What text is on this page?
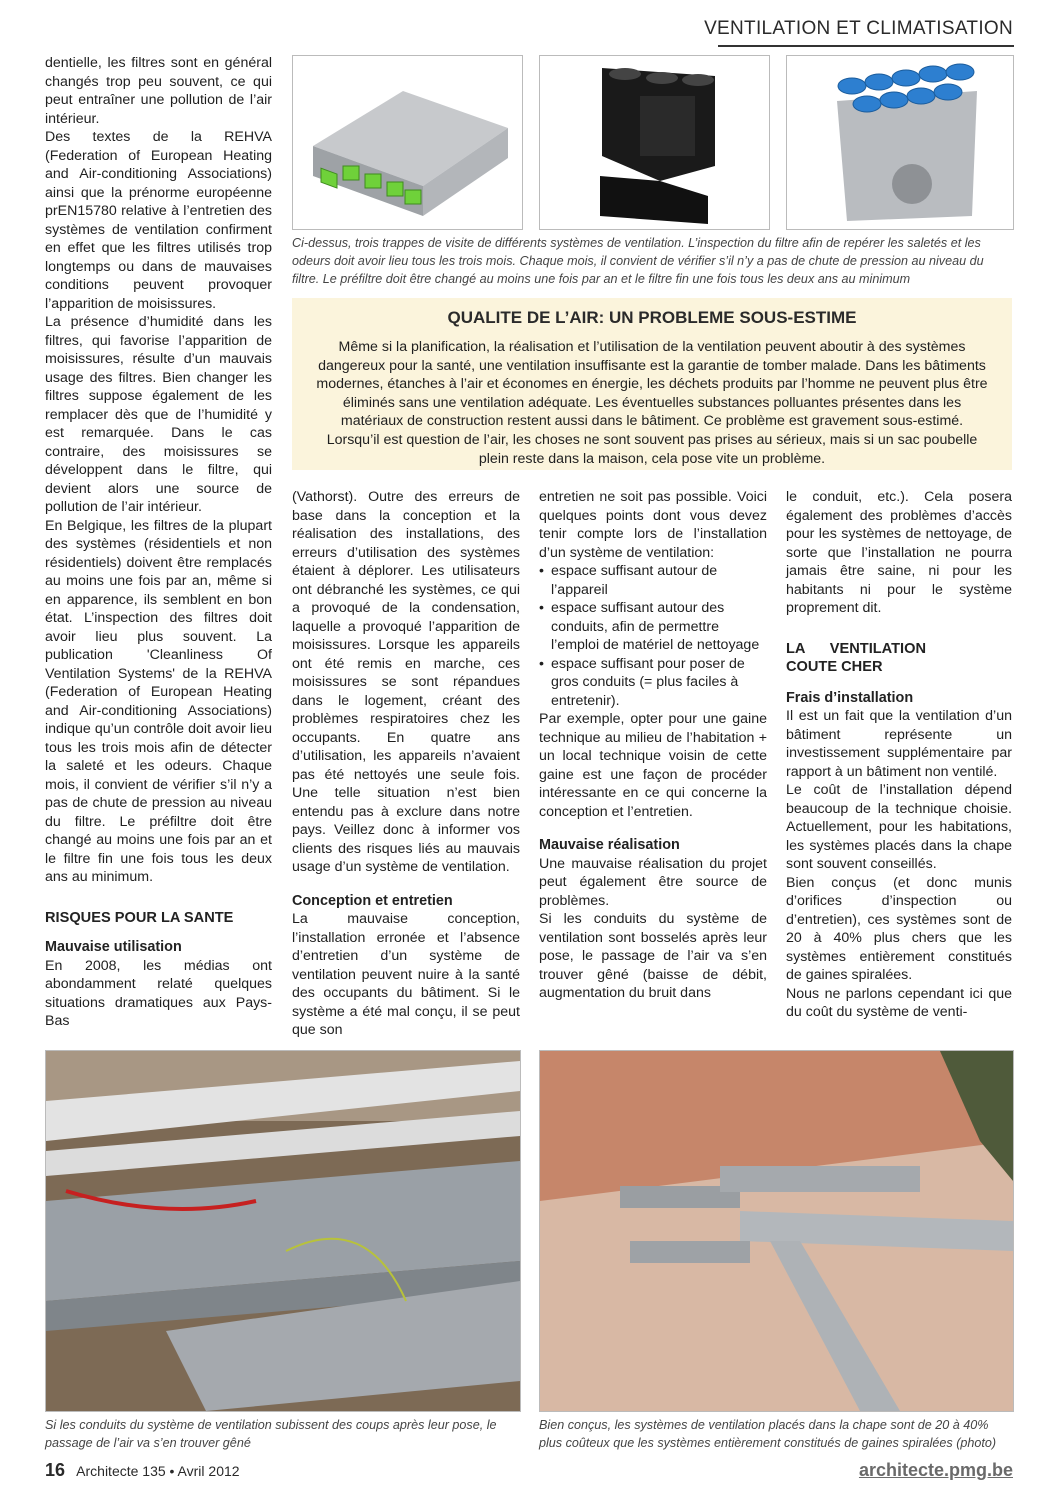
VENTILATION ET CLIMATISATION
Ci-dessus, trois trappes de visite de différents systèmes de ventilation. L’inspection du filtre afin de repérer les saletés et les odeurs doit avoir lieu tous les trois mois. Chaque mois, il convient de vérifier s’il n’y a pas de chute de pression au niveau du filtre. Le préfiltre doit être changé au moins une fois par an et le filtre fin une fois tous les deux ans au minimum

dentielle, les filtres sont en général changés trop peu souvent, ce qui peut entraîner une pollution de l’air intérieur.

Des textes de la REHVA (Federation of European Heating and Air-conditioning Associations) ainsi que la prénorme européenne prEN15780 relative à l’entretien des systèmes de ventilation confirment en effet que les filtres utilisés trop longtemps ou dans de mauvaises conditions peuvent provoquer l’apparition de moisissures.

La présence d’humidité dans les filtres, qui favorise l’apparition de moisissures, résulte d’un mauvais usage des filtres. Bien changer les filtres suppose également de les remplacer dès que de l’humidité y est remarquée. Dans le cas contraire, des moisissures se développent dans le filtre, qui devient alors une source de pollution de l’air intérieur.

En Belgique, les filtres de la plupart des systèmes (résidentiels et non résidentiels) doivent être remplacés au moins une fois par an, même si en apparence, ils semblent en bon état. L’inspection des filtres doit avoir lieu plus souvent. La publication 'Cleanliness Of Ventilation Systems' de la REHVA (Federation of European Heating and Air-conditioning Associations) indique qu’un contrôle doit avoir lieu tous les trois mois afin de détecter la saleté et les odeurs. Chaque mois, il convient de vérifier s’il n’y a pas de chute de pression au niveau du filtre. Le préfiltre doit être changé au moins une fois par an et le filtre fin une fois tous les deux ans au minimum.

RISQUES POUR LA SANTE
Mauvaise utilisation

En 2008, les médias ont abondamment relaté quelques situations dramatiques aux Pays-Bas

QUALITE DE L’AIR: UN PROBLEME SOUS-ESTIME

Même si la planification, la réalisation et l’utilisation de la ventilation peuvent aboutir à des systèmes dangereux pour la santé, une ventilation insuffisante est la garantie de tomber malade. Dans les bâtiments modernes, étanches à l’air et économes en énergie, les déchets produits par l’homme ne peuvent plus être éliminés sans une ventilation adéquate. Les éventuelles substances polluantes présentes dans les matériaux de construction restent aussi dans le bâtiment. Ce problème est gravement sous-estimé. Lorsqu’il est question de l’air, les choses ne sont souvent pas prises au sérieux, mais si un sac poubelle plein reste dans la maison, cela pose vite un problème.

(Vathorst). Outre des erreurs de base dans la conception et la réalisation des installations, des erreurs d’utilisation des systèmes étaient à déplorer. Les utilisateurs ont débranché les systèmes, ce qui a provoqué de la condensation, laquelle a provoqué l’apparition de moisissures. Lorsque les appareils ont été remis en marche, ces moisissures se sont répandues dans le logement, créant des problèmes respiratoires chez les occupants. En quatre ans d’utilisation, les appareils n’avaient pas été nettoyés une seule fois. Une telle situation n’est bien entendu pas à exclure dans notre pays. Veillez donc à informer vos clients des risques liés au mauvais usage d’un système de ventilation.

Conception et entretien

La mauvaise conception, l’installation erronée et l’absence d’entretien d’un système de ventilation peuvent nuire à la santé des occupants du bâtiment. Si le système a été mal conçu, il se peut que son

entretien ne soit pas possible. Voici quelques points dont vous devez tenir compte lors de l’installation d’un système de ventilation:

• espace suffisant autour de l’appareil
• espace suffisant autour des conduits, afin de permettre l’emploi de matériel de nettoyage
• espace suffisant pour poser de gros conduits (= plus faciles à entretenir).

Par exemple, opter pour une gaine technique au milieu de l’habitation + un local technique voisin de cette gaine est une façon de procéder intéressante en ce qui concerne la conception et l’entretien.

Mauvaise réalisation

Une mauvaise réalisation du projet peut également être source de problèmes.

Si les conduits du système de ventilation sont bosselés après leur pose, le passage de l’air va s’en trouver gêné (baisse de débit, augmentation du bruit dans

le conduit, etc.). Cela posera également des problèmes d’accès pour les systèmes de nettoyage, de sorte que l’installation ne pourra jamais être saine, ni pour les habitants ni pour le système proprement dit.

LA VENTILATION COUTE CHER
Frais d’installation

Il est un fait que la ventilation d’un bâtiment représente un investissement supplémentaire par rapport à un bâtiment non ventilé.

Le coût de l’installation dépend beaucoup de la technique choisie. Actuellement, pour les habitations, les systèmes placés dans la chape sont souvent conseillés.

Bien conçus (et donc munis d’orifices d’inspection ou d’entretien), ces systèmes sont de 20 à 40% plus chers que les systèmes entièrement constitués de gaines spiralées.

Nous ne parlons cependant ici que du coût du système de venti-

Si les conduits du système de ventilation subissent des coups après leur pose, le passage de l’air va s’en trouver gêné
Bien conçus, les systèmes de ventilation placés dans la chape sont de 20 à 40% plus coûteux que les systèmes entièrement constitués de gaines spiralées (photo)
16 Architecte 135 • Avril 2012	architecte.pmg.be
